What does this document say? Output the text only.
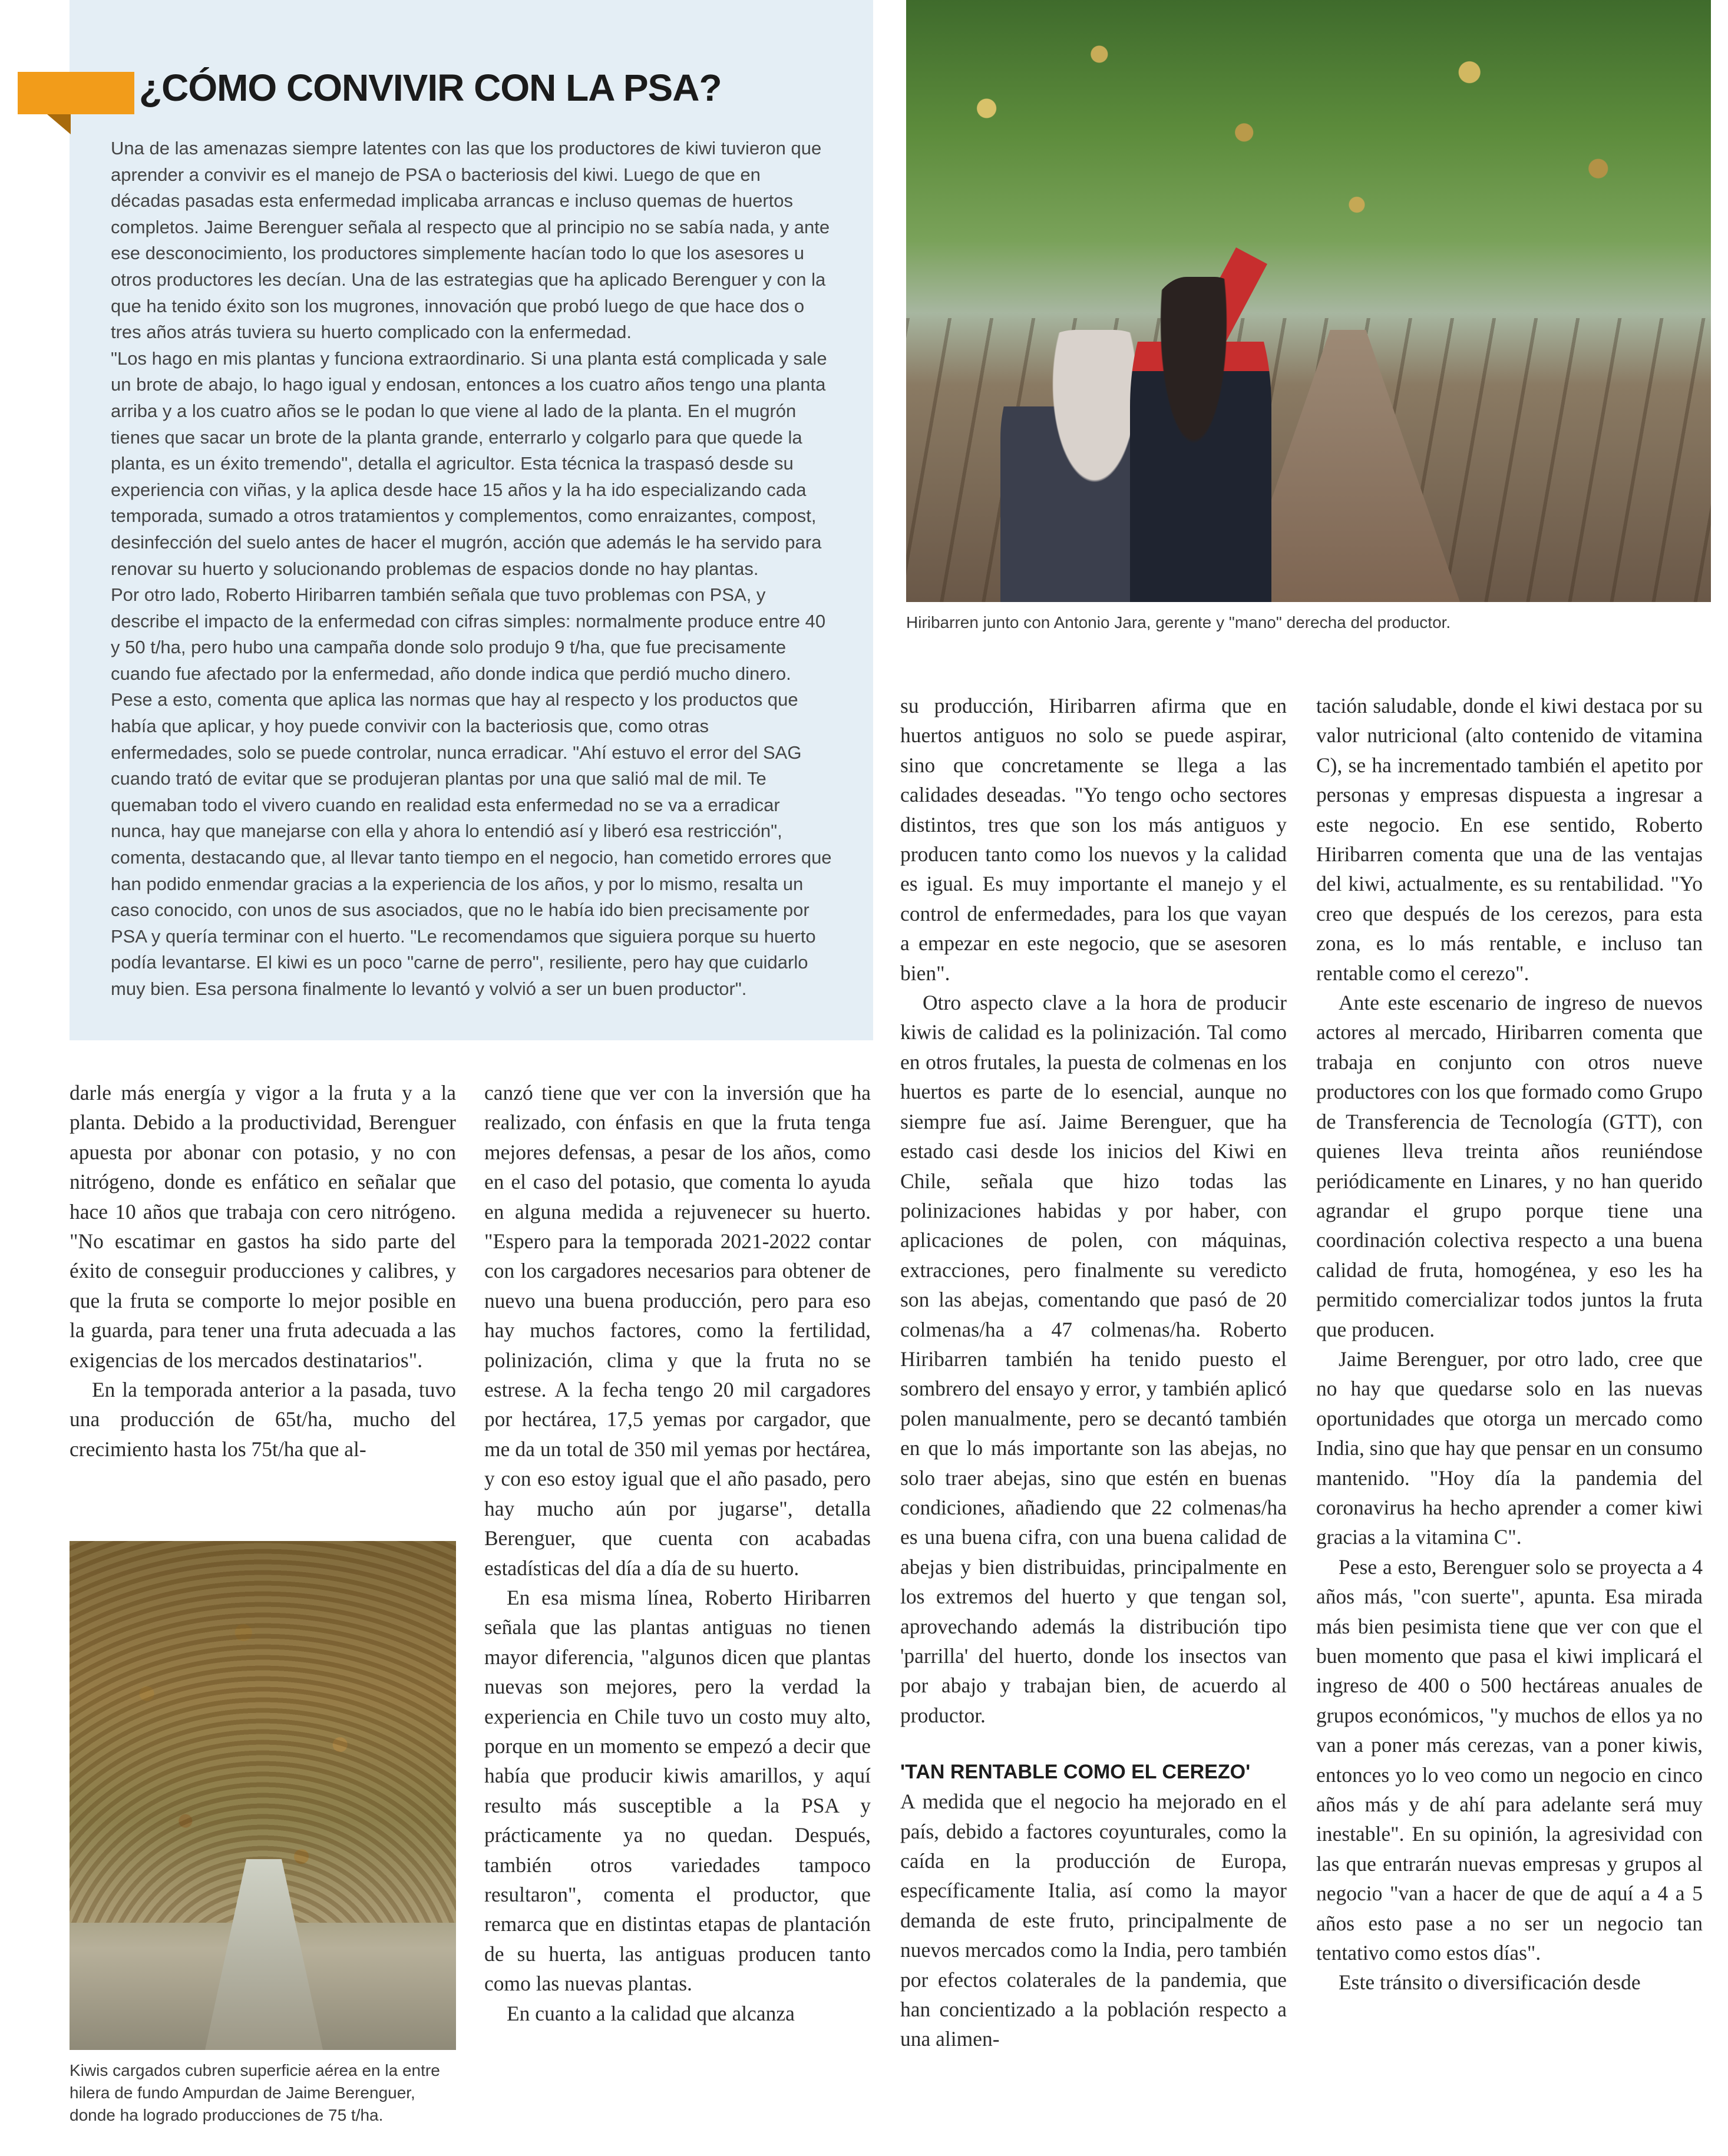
¿CÓMO CONVIVIR CON LA PSA?

Una de las amenazas siempre latentes con las que los productores de kiwi tuvieron que aprender a convivir es el manejo de PSA o bacteriosis del kiwi. Luego de que en décadas pasadas esta enfermedad implicaba arrancas e incluso quemas de huertos completos. Jaime Berenguer señala al respecto que al principio no se sabía nada, y ante ese desconocimiento, los productores simplemente hacían todo lo que los asesores u otros productores les decían. Una de las estrategias que ha aplicado Berenguer y con la que ha tenido éxito son los mugrones, innovación que probó luego de que hace dos o tres años atrás tuviera su huerto complicado con la enfermedad.

"Los hago en mis plantas y funciona extraordinario. Si una planta está complicada y sale un brote de abajo, lo hago igual y endosan, entonces a los cuatro años tengo una planta arriba y a los cuatro años se le podan lo que viene al lado de la planta. En el mugrón tienes que sacar un brote de la planta grande, enterrarlo y colgarlo para que quede la planta, es un éxito tremendo", detalla el agricultor. Esta técnica la traspasó desde su experiencia con viñas, y la aplica desde hace 15 años y la ha ido especializando cada temporada, sumado a otros tratamientos y complementos, como enraizantes, compost, desinfección del suelo antes de hacer el mugrón, acción que además le ha servido para renovar su huerto y solucionando problemas de espacios donde no hay plantas.

Por otro lado, Roberto Hiribarren también señala que tuvo problemas con PSA, y describe el impacto de la enfermedad con cifras simples: normalmente produce entre 40 y 50 t/ha, pero hubo una campaña donde solo produjo 9 t/ha, que fue precisamente cuando fue afectado por la enfermedad, año donde indica que perdió mucho dinero. Pese a esto, comenta que aplica las normas que hay al respecto y los productos que había que aplicar, y hoy puede convivir con la bacteriosis que, como otras enfermedades, solo se puede controlar, nunca erradicar. "Ahí estuvo el error del SAG cuando trató de evitar que se produjeran plantas por una que salió mal de mil. Te quemaban todo el vivero cuando en realidad esta enfermedad no se va a erradicar nunca, hay que manejarse con ella y ahora lo entendió así y liberó esa restricción", comenta, destacando que, al llevar tanto tiempo en el negocio, han cometido errores que han podido enmendar gracias a la experiencia de los años, y por lo mismo, resalta un caso conocido, con unos de sus asociados, que no le había ido bien precisamente por PSA y quería terminar con el huerto. "Le recomendamos que siguiera porque su huerto podía levantarse. El kiwi es un poco "carne de perro", resiliente, pero hay que cuidarlo muy bien. Esa persona finalmente lo levantó y volvió a ser un buen productor".

Hiribarren junto con Antonio Jara, gerente y "mano" derecha del productor.

Kiwis cargados cubren superficie aérea en la entre hilera de fundo Ampurdan de Jaime Berenguer, donde ha logrado producciones de 75 t/ha.

darle más energía y vigor a la fruta y a la planta. Debido a la productividad, Berenguer apuesta por abonar con potasio, y no con nitrógeno, donde es enfático en señalar que hace 10 años que trabaja con cero nitrógeno. "No escatimar en gastos ha sido parte del éxito de conseguir producciones y calibres, y que la fruta se comporte lo mejor posible en la guarda, para tener una fruta adecuada a las exigencias de los mercados destinatarios".

En la temporada anterior a la pasada, tuvo una producción de 65t/ha, mucho del crecimiento hasta los 75t/ha que al-

canzó tiene que ver con la inversión que ha realizado, con énfasis en que la fruta tenga mejores defensas, a pesar de los años, como en el caso del potasio, que comenta lo ayuda en alguna medida a rejuvenecer su huerto. "Espero para la temporada 2021-2022 contar con los cargadores necesarios para obtener de nuevo una buena producción, pero para eso hay muchos factores, como la fertilidad, polinización, clima y que la fruta no se estrese. A la fecha tengo 20 mil cargadores por hectárea, 17,5 yemas por cargador, que me da un total de 350 mil yemas por hectárea, y con eso estoy igual que el año pasado, pero hay mucho aún por jugarse", detalla Berenguer, que cuenta con acabadas estadísticas del día a día de su huerto.

En esa misma línea, Roberto Hiribarren señala que las plantas antiguas no tienen mayor diferencia, "algunos dicen que plantas nuevas son mejores, pero la verdad la experiencia en Chile tuvo un costo muy alto, porque en un momento se empezó a decir que había que producir kiwis amarillos, y aquí resulto más susceptible a la PSA y prácticamente ya no quedan. Después, también otros variedades tampoco resultaron", comenta el productor, que remarca que en distintas etapas de plantación de su huerta, las antiguas producen tanto como las nuevas plantas.

En cuanto a la calidad que alcanza

su producción, Hiribarren afirma que en huertos antiguos no solo se puede aspirar, sino que concretamente se llega a las calidades deseadas. "Yo tengo ocho sectores distintos, tres que son los más antiguos y producen tanto como los nuevos y la calidad es igual. Es muy importante el manejo y el control de enfermedades, para los que vayan a empezar en este negocio, que se asesoren bien".

Otro aspecto clave a la hora de producir kiwis de calidad es la polinización. Tal como en otros frutales, la puesta de colmenas en los huertos es parte de lo esencial, aunque no siempre fue así. Jaime Berenguer, que ha estado casi desde los inicios del Kiwi en Chile, señala que hizo todas las polinizaciones habidas y por haber, con aplicaciones de polen, con máquinas, extracciones, pero finalmente su veredicto son las abejas, comentando que pasó de 20 colmenas/ha a 47 colmenas/ha. Roberto Hiribarren también ha tenido puesto el sombrero del ensayo y error, y también aplicó polen manualmente, pero se decantó también en que lo más importante son las abejas, no solo traer abejas, sino que estén en buenas condiciones, añadiendo que 22 colmenas/ha es una buena cifra, con una buena calidad de abejas y bien distribuidas, principalmente en los extremos del huerto y que tengan sol, aprovechando además la distribución tipo 'parrilla' del huerto, donde los insectos van por abajo y trabajan bien, de acuerdo al productor.

'TAN RENTABLE COMO EL CEREZO'

A medida que el negocio ha mejorado en el país, debido a factores coyunturales, como la caída en la producción de Europa, específicamente Italia, así como la mayor demanda de este fruto, principalmente de nuevos mercados como la India, pero también por efectos colaterales de la pandemia, que han concientizado a la población respecto a una alimen-

tación saludable, donde el kiwi destaca por su valor nutricional (alto contenido de vitamina C), se ha incrementado también el apetito por personas y empresas dispuesta a ingresar a este negocio. En ese sentido, Roberto Hiribarren comenta que una de las ventajas del kiwi, actualmente, es su rentabilidad. "Yo creo que después de los cerezos, para esta zona, es lo más rentable, e incluso tan rentable como el cerezo".

Ante este escenario de ingreso de nuevos actores al mercado, Hiribarren comenta que trabaja en conjunto con otros nueve productores con los que formado como Grupo de Transferencia de Tecnología (GTT), con quienes lleva treinta años reuniéndose periódicamente en Linares, y no han querido agrandar el grupo porque tiene una coordinación colectiva respecto a una buena calidad de fruta, homogénea, y eso les ha permitido comercializar todos juntos la fruta que producen.

Jaime Berenguer, por otro lado, cree que no hay que quedarse solo en las nuevas oportunidades que otorga un mercado como India, sino que hay que pensar en un consumo mantenido. "Hoy día la pandemia del coronavirus ha hecho aprender a comer kiwi gracias a la vitamina C".

Pese a esto, Berenguer solo se proyecta a 4 años más, "con suerte", apunta. Esa mirada más bien pesimista tiene que ver con que el buen momento que pasa el kiwi implicará el ingreso de 400 o 500 hectáreas anuales de grupos económicos, "y muchos de ellos ya no van a poner más cerezas, van a poner kiwis, entonces yo lo veo como un negocio en cinco años más y de ahí para adelante será muy inestable". En su opinión, la agresividad con las que entrarán nuevas empresas y grupos al negocio "van a hacer de que de aquí a 4 a 5 años esto pase a no ser un negocio tan tentativo como estos días".

Este tránsito o diversificación desde
